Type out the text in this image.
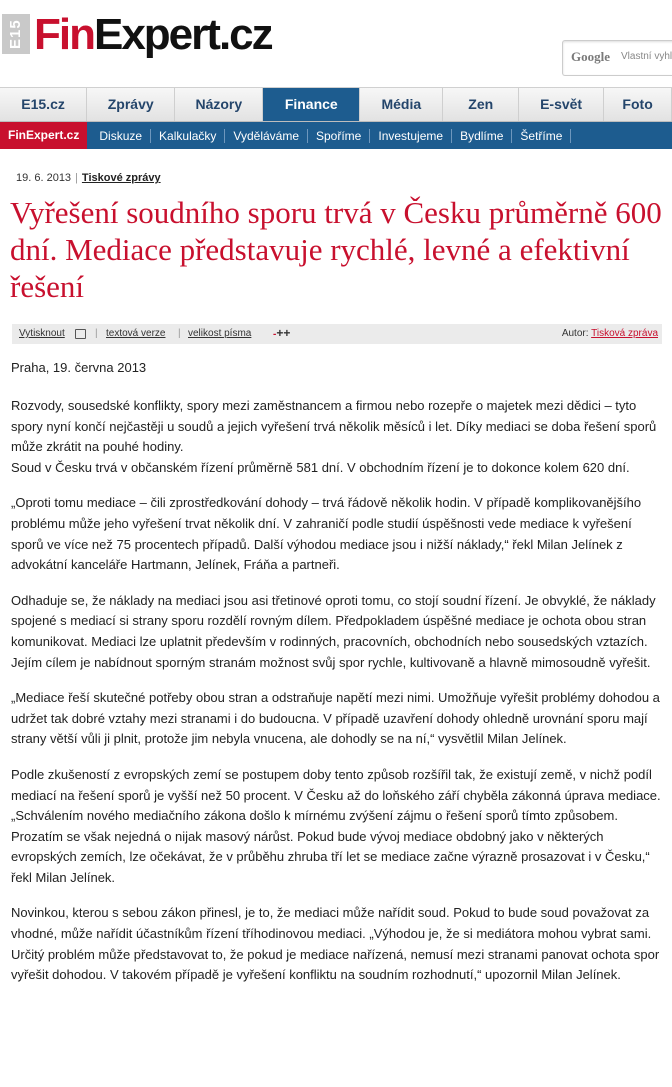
E15 FinExpert.cz	Google Vlastní vyhl
E15.cz	Zprávy	Názory	Finance	Média	Zen	E-svět	Foto
FinExpert.cz	Diskuze	Kalkulačky	Vyděláváme	Spoříme	Investujeme	Bydlíme	Šetříme
19. 6. 2013 | Tiskové zprávy
Vyřešení soudního sporu trvá v Česku průměrně 600 dní. Mediace představuje rychlé, levné a efektivní řešení
Vytisknout	| textová verze | velikost písma -++	Autor: Tisková zpráva

Praha, 19. června 2013

Rozvody, sousedské konflikty, spory mezi zaměstnancem a firmou nebo rozepře o majetek mezi dědici – tyto spory nyní končí nejčastěji u soudů a jejich vyřešení trvá několik měsíců i let. Díky mediaci se doba řešení sporů může zkrátit na pouhé hodiny.
Soud v Česku trvá v občanském řízení průměrně 581 dní. V obchodním řízení je to dokonce kolem 620 dní.

„Oproti tomu mediace – čili zprostředkování dohody – trvá řádově několik hodin. V případě komplikovanějšího problému může jeho vyřešení trvat několik dní. V zahraničí podle studií úspěšnosti vede mediace k vyřešení sporů ve více než 75 procentech případů. Další výhodou mediace jsou i nižší náklady,“ řekl Milan Jelínek z advokátní kanceláře Hartmann, Jelínek, Fráňa a partneři.

Odhaduje se, že náklady na mediaci jsou asi třetinové oproti tomu, co stojí soudní řízení. Je obvyklé, že náklady spojené s mediací si strany sporu rozdělí rovným dílem. Předpokladem úspěšné mediace je ochota obou stran komunikovat. Mediaci lze uplatnit především v rodinných, pracovních, obchodních nebo sousedských vztazích. Jejím cílem je nabídnout sporným stranám možnost svůj spor rychle, kultivovaně a hlavně mimosoudně vyřešit.

„Mediace řeší skutečné potřeby obou stran a odstraňuje napětí mezi nimi. Umožňuje vyřešit problémy dohodou a udržet tak dobré vztahy mezi stranami i do budoucna. V případě uzavření dohody ohledně urovnání sporu mají strany větší vůli ji plnit, protože jim nebyla vnucena, ale dohodly se na ní,“ vysvětlil Milan Jelínek.

Podle zkušeností z evropských zemí se postupem doby tento způsob rozšířil tak, že existují země, v nichž podíl mediací na řešení sporů je vyšší než 50 procent. V Česku až do loňského září chyběla zákonná úprava mediace. „Schválením nového mediačního zákona došlo k mírnému zvýšení zájmu o řešení sporů tímto způsobem. Prozatím se však nejedná o nijak masový nárůst. Pokud bude vývoj mediace obdobný jako v některých evropských zemích, lze očekávat, že v průběhu zhruba tří let se mediace začne výrazně prosazovat i v Česku,“ řekl Milan Jelínek.

Novinkou, kterou s sebou zákon přinesl, je to, že mediaci může nařídit soud. Pokud to bude soud považovat za vhodné, může nařídit účastníkům řízení tříhodinovou mediaci. „Výhodou je, že si mediátora mohou vybrat sami. Určitý problém může představovat to, že pokud je mediace nařízená, nemusí mezi stranami panovat ochota spor vyřešit dohodou. V takovém případě je vyřešení konfliktu na soudním rozhodnutí,“ upozornil Milan Jelínek.
